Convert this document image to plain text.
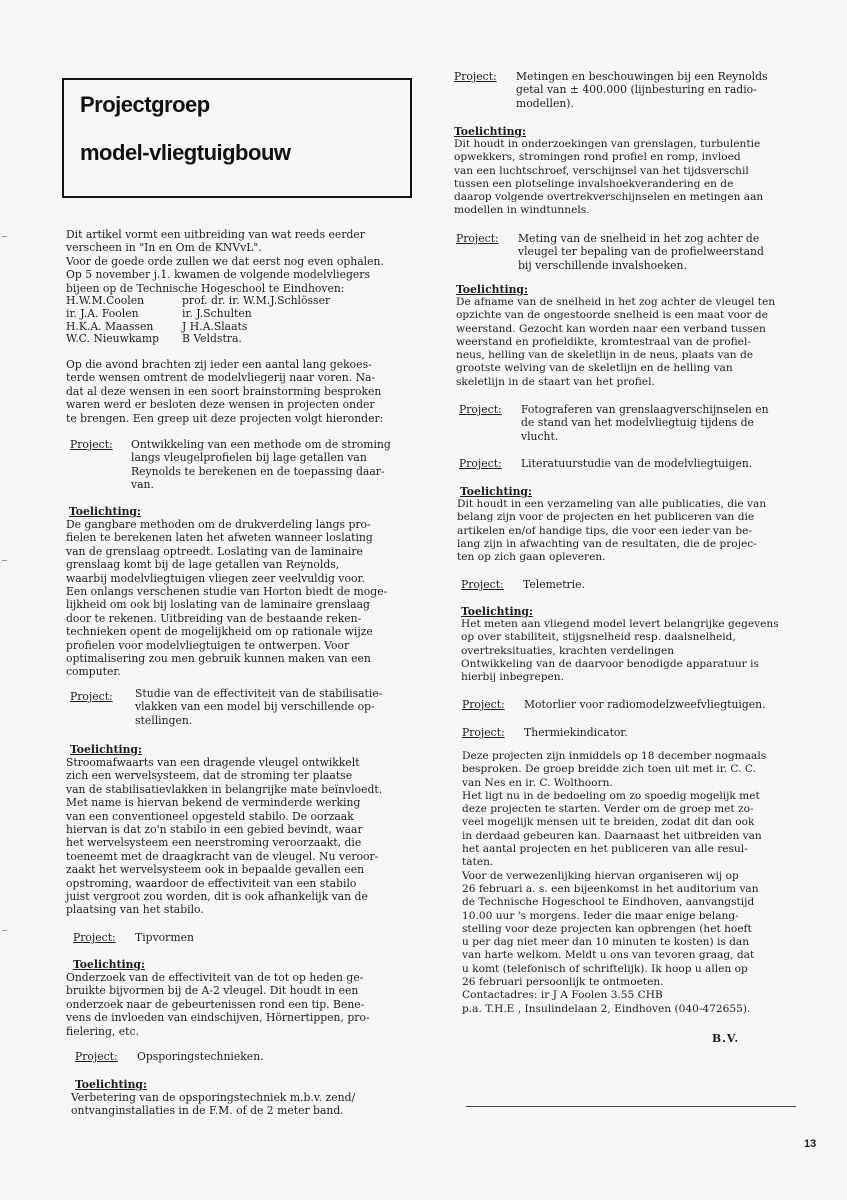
Projectgroep
model-vliegtuigbouw
Dit artikel vormt een uitbreiding van wat reeds eerder
verscheen in "In en Om de KNVvL".
Voor de goede orde zullen we dat eerst nog even ophalen.
Op 5 november j.1. kwamen de volgende modelvliegers
bijeen op de Technische Hogeschool te Eindhoven:
H.W.M.Coolen
ir. J.A. Foolen
H.K.A. Maassen
W.C. Nieuwkamp
prof. dr. ir. W.M.J.Schlösser
ir. J.Schulten
J H.A.Slaats
B Veldstra.
Op die avond brachten zij ieder een aantal lang gekoes-
terde wensen omtrent de modelvliegerij naar voren. Na-
dat al deze wensen in een soort brainstorming besproken
waren werd er besloten deze wensen in projecten onder
te brengen. Een greep uit deze projecten volgt hieronder:
Project: Ontwikkeling van een methode om de stroming
langs vleugelprofielen bij lage getallen van
Reynolds te berekenen en de toepassing daar-
van.
Toelichting:
De gangbare methoden om de drukverdeling langs pro-
fielen te berekenen laten het afweten wanneer loslating
van de grenslaag optreedt. Loslating van de laminaire
grenslaag komt bij de lage getallen van Reynolds,
waarbij modelvliegtuigen vliegen zeer veelvuldig voor.
Een onlangs verschenen studie van Horton biedt de moge-
lijkheid om ook bij loslating van de laminaire grenslaag
door te rekenen. Uitbreiding van de bestaande reken-
technieken opent de mogelijkheid om op rationale wijze
profielen voor modelvliegtuigen te ontwerpen. Voor
optimalisering zou men gebruik kunnen maken van een
computer.
Project: Studie van de effectiviteit van de stabilisatie-
vlakken van een model bij verschillende op-
stellingen.
Toelichting:
Stroomafwaarts van een dragende vleugel ontwikkelt
zich een wervelsysteem, dat de stroming ter plaatse
van de stabilisatievlakken in belangrijke mate beïnvloedt.
Met name is hiervan bekend de verminderde werking
van een conventioneel opgesteld stabilo. De oorzaak
hiervan is dat zo'n stabilo in een gebied bevindt, waar
het wervelsysteem een neerstroming veroorzaakt, die
toeneemt met de draagkracht van de vleugel. Nu veroor-
zaakt het wervelsysteem ook in bepaalde gevallen een
opstroming, waardoor de effectiviteit van een stabilo
juist vergroot zou worden, dit is ook afhankelijk van de
plaatsing van het stabilo.
Project: Tipvormen
Toelichting:
Onderzoek van de effectiviteit van de tot op heden ge-
bruikte bijvormen bij de A-2 vleugel. Dit houdt in een
onderzoek naar de gebeurtenissen rond een tip. Bene-
vens de invloeden van eindschijven, Hörnertippen, pro-
fielering, etc.
Project: Opsporingstechnieken.
Toelichting:
Verbetering van de opsporingstechniek m.b.v. zend/
ontvanginstallaties in de F.M. of de 2 meter band.
Project: Metingen en beschouwingen bij een Reynolds
getal van ± 400.000 (lijnbesturing en radio-
modellen).
Toelichting:
Dit houdt in onderzoekingen van grenslagen, turbulentie
opwekkers, stromingen rond profiel en romp, invloed
van een luchtschroef, verschijnsel van het tijdsverschil
tussen een plotselinge invalshoekverandering en de
daarop volgende overtrekverschijnselen en metingen aan
modellen in windtunnels.
Project: Meting van de snelheid in het zog achter de
vleugel ter bepaling van de profielweerstand
bij verschillende invalshoeken.
Toelichting:
De afname van de snelheid in het zog achter de vleugel ten
opzichte van de ongestoorde snelheid is een maat voor de
weerstand. Gezocht kan worden naar een verband tussen
weerstand en profieldikte, kromtestraal van de profiel-
neus, helling van de skeletlijn in de neus, plaats van de
grootste welving van de skeletlijn en de helling van
skeletlijn in de staart van het profiel.
Project: Fotograferen van grenslaagverschijnselen en
de stand van het modelvliegtuig tijdens de
vlucht.
Project: Literatuurstudie van de modelvliegtuigen.
Toelichting:
Dit houdt in een verzameling van alle publicaties, die van
belang zijn voor de projecten en het publiceren van die
artikelen en/of handige tips, die voor een ieder van be-
lang zijn in afwachting van de resultaten, die de projec-
ten op zich gaan opleveren.
Project: Telemetrie.
Toelichting:
Het meten aan vliegend model levert belangrijke gegevens
op over stabiliteit, stijgsnelheid resp. daalsnelheid,
overtreksituaties, krachten verdelingen
Ontwikkeling van de daarvoor benodigde apparatuur is
hierbij inbegrepen.
Project: Motorlier voor radiomodelzweefvliegtuigen.
Project: Thermiekindicator.
Deze projecten zijn inmiddels op 18 december nogmaals
besproken. De groep breidde zich toen uit met ir. C. C.
van Nes en ir. C. Wolthoorn.
Het ligt nu in de bedoeling om zo spoedig mogelijk met
deze projecten te starten. Verder om de groep met zo-
veel mogelijk mensen uit te breiden, zodat dit dan ook
in derdaad gebeuren kan. Daarnaast het uitbreiden van
het aantal projecten en het publiceren van alle resul-
taten.
Voor de verwezenlijking hiervan organiseren wij op
26 februari a. s. een bijeenkomst in het auditorium van
de Technische Hogeschool te Eindhoven, aanvangstijd
10.00 uur 's morgens. Ieder die maar enige belang-
stelling voor deze projecten kan opbrengen (het hoeft
u per dag niet meer dan 10 minuten te kosten) is dan
van harte welkom. Meldt u ons van tevoren graag, dat
u komt (telefonisch of schriftelijk). Ik hoop u allen op
26 februari persoonlijk te ontmoeten.
Contactadres: ir J A Foolen 3.55 CHB
p.a. T.H.E , Insulindelaan 2, Eindhoven (040-472655).
B.V.
13
